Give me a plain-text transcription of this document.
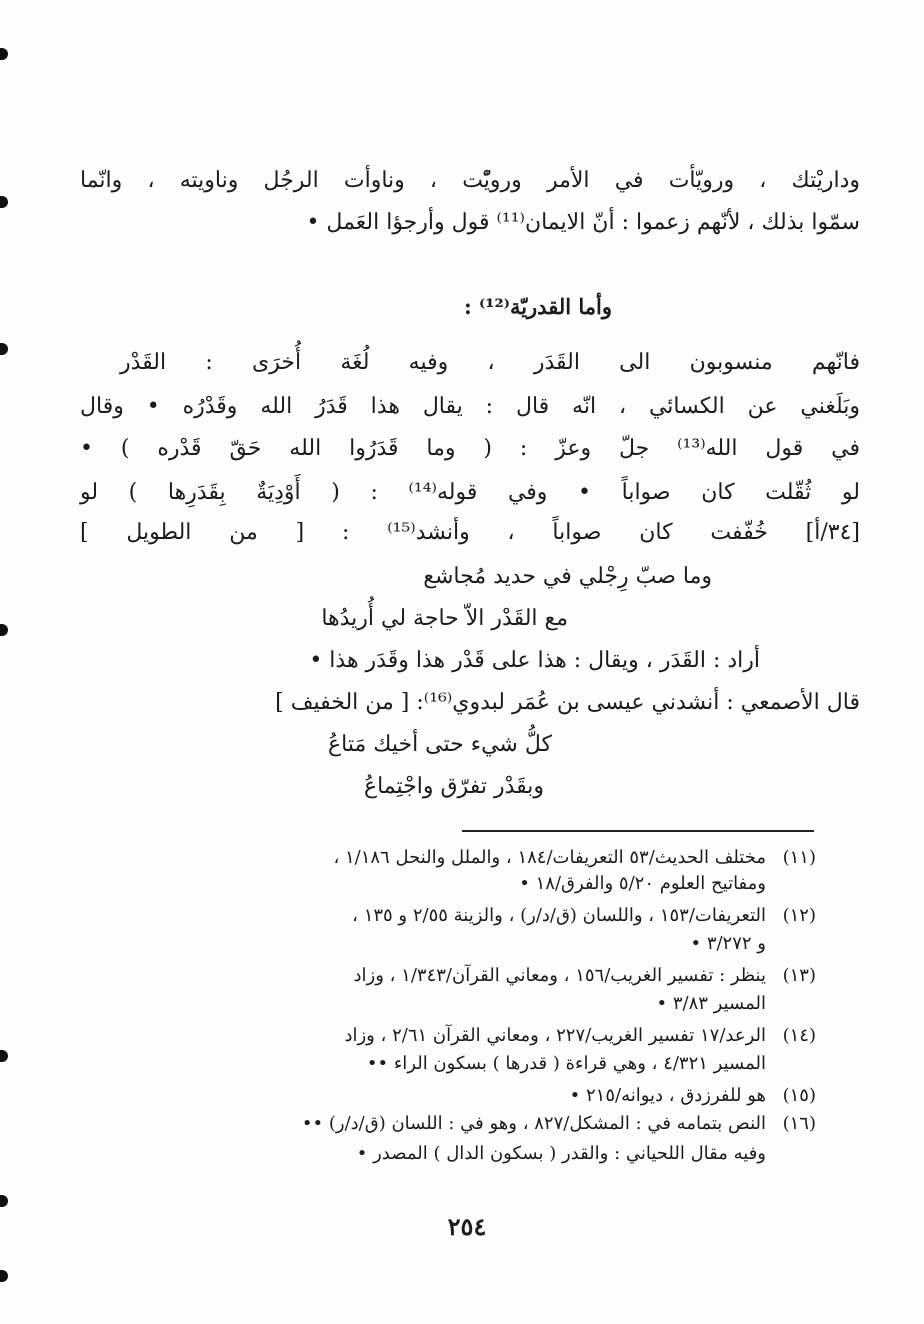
وداريْتك ، ورويّأت في الأمر ورويّْت ، وناوأت الرجُل وناويته ، وانّما
سمّوا بذلك ، لأنّهم زعموا : أنّ الايمان⁽¹¹⁾ قول وأرجؤا العَمل •
وأما القدريّة⁽¹²⁾ :
فانّهم منسوبون الى القَدَر ، وفيه لُغَة أُخرَى : القَدْر
وبَلَغني عن الكسائي ، انّه قال : يقال هذا قَدَرُ الله وقَدْرُه • وقال
في قول الله⁽¹³⁾ جلّ وعزّ : ( وما قَدَرُوا الله حَقّ قَدْره ) •
لو ثُقّلت كان صواباً • وفي قوله⁽¹⁴⁾ : ( أَوْدِيَةٌ بِقَدَرِها ) لو
[٣٤/أ] خُفّفت كان صواباً ، وأنشد⁽¹⁵⁾ : [ من الطويل ]
وما صبّ رِجْلي في حديد مُجاشع
مع القَدْر الاّ حاجة لي أُريدُها
أراد : القَدَر ، ويقال : هذا على قَدْر هذا وقَدَر هذا •
قال الأصمعي : أنشدني عيسى بن عُمَر لبدوي⁽¹⁶⁾: [ من الخفيف ]
كلُّ شيء حتى أخيك مَتاعُ
وبقَدْر تفرّق واجْتِماعُ
(١١)
مختلف الحديث/٥٣ التعريفات/١٨٤ ، والملل والنحل ١/١٨٦ ،
ومفاتيح العلوم ٥/٢٠ والفرق/١٨ •
(١٢)
التعريفات/١٥٣ ، واللسان (ق/د/ر) ، والزينة ٢/٥٥ و ١٣٥ ،
و ٣/٢٧٢ •
(١٣)
ينظر : تفسير الغريب/١٥٦ ، ومعاني القرآن/١/٣٤٣ ، وزاد
المسير ٣/٨٣ •
(١٤)
الرعد/١٧ تفسير الغريب/٢٢٧ ، ومعاني القرآن ٢/٦١ ، وزاد
المسير ٤/٣٢١ ، وهي قراءة ( قدرها ) بسكون الراء ••
(١٥)
هو للفرزدق ، ديوانه/٢١٥ •
(١٦)
النص بتمامه في : المشكل/٨٢٧ ، وهو في : اللسان (ق/د/ر) ••
وفيه مقال اللحياني : والقدر ( بسكون الدال ) المصدر •
٢٥٤
